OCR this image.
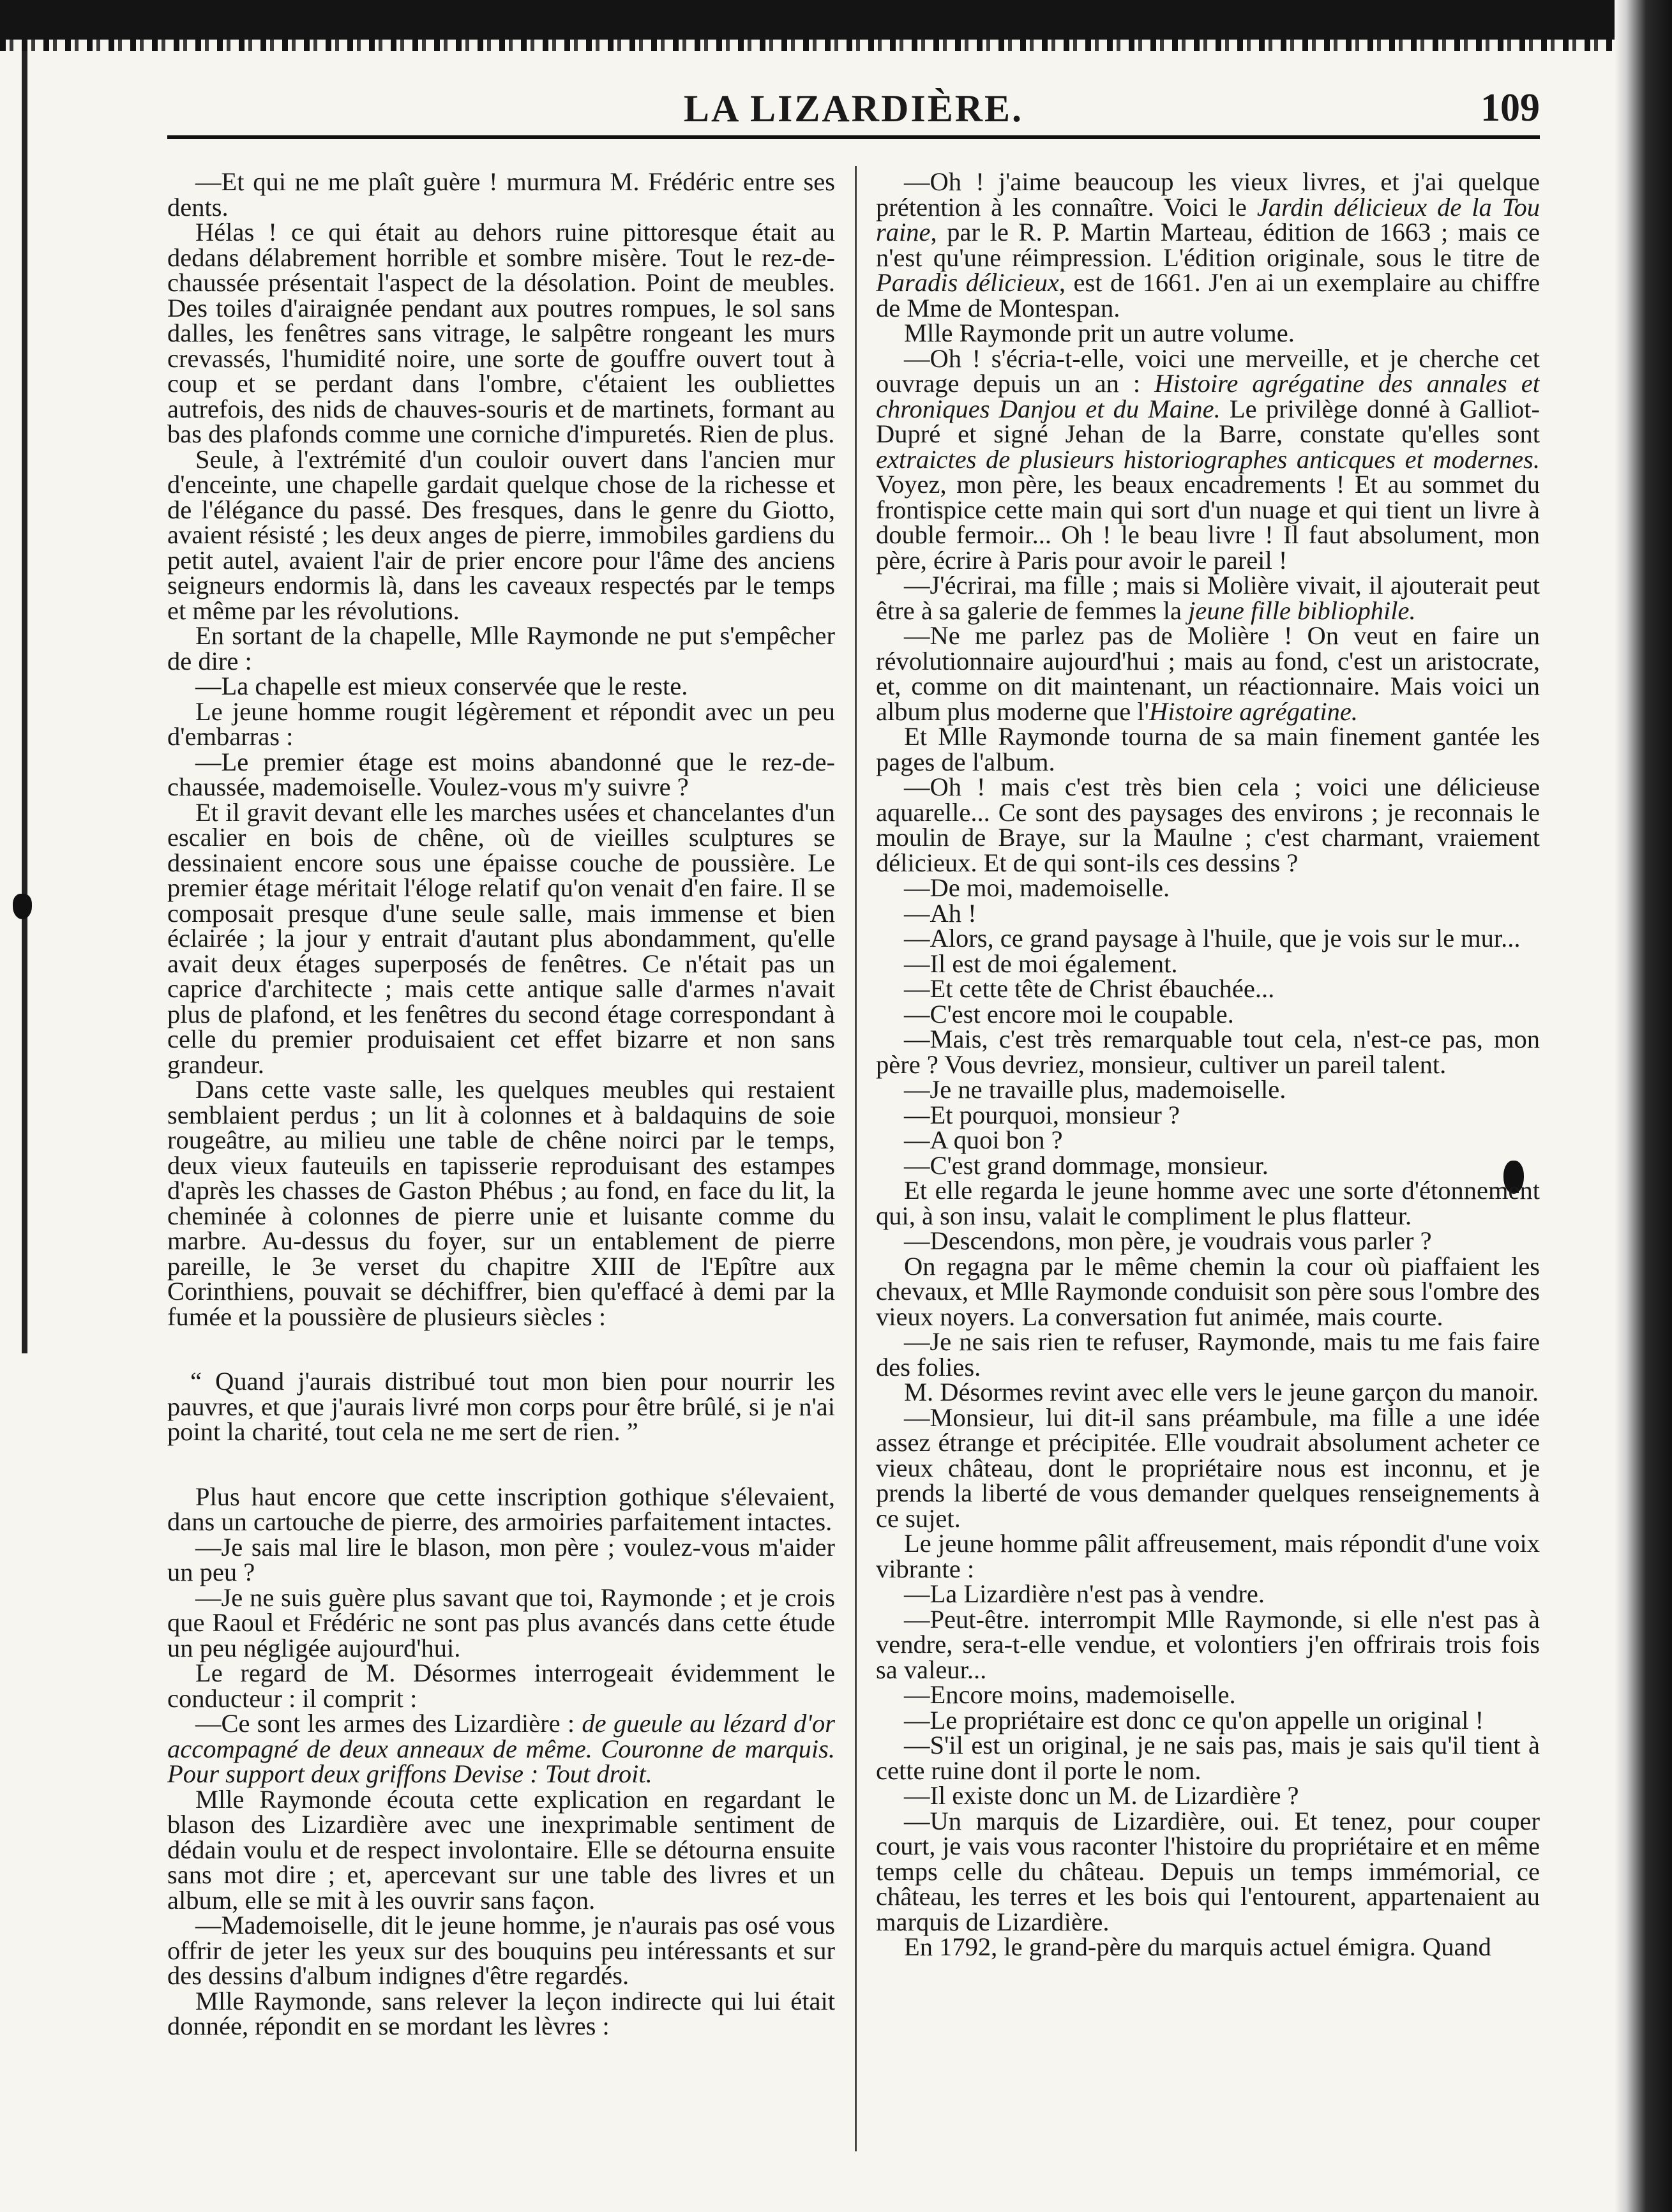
LA LIZARDIÈRE.	109

—Et qui ne me plaît guère ! murmura M. Frédéric entre ses dents.

Hélas ! ce qui était au dehors ruine pittoresque était au dedans délabrement horrible et sombre misère. Tout le rez-de-chaussée présentait l'aspect de la désolation. Point de meubles. Des toiles d'airaignée pendant aux poutres rompues, le sol sans dalles, les fenêtres sans vitrage, le salpêtre rongeant les murs crevassés, l'humidité noire, une sorte de gouffre ouvert tout à coup et se perdant dans l'ombre, c'étaient les oubliettes autrefois, des nids de chauves-souris et de martinets, formant au bas des plafonds comme une corniche d'impuretés. Rien de plus.

Seule, à l'extrémité d'un couloir ouvert dans l'ancien mur d'enceinte, une chapelle gardait quelque chose de la richesse et de l'élégance du passé. Des fresques, dans le genre du Giotto, avaient résisté ; les deux anges de pierre, immobiles gardiens du petit autel, avaient l'air de prier encore pour l'âme des anciens seigneurs endormis là, dans les caveaux respectés par le temps et même par les révolutions.

En sortant de la chapelle, Mlle Raymonde ne put s'empêcher de dire :

—La chapelle est mieux conservée que le reste.

Le jeune homme rougit légèrement et répondit avec un peu d'embarras :

—Le premier étage est moins abandonné que le rez-de-chaussée, mademoiselle. Voulez-vous m'y suivre ?

Et il gravit devant elle les marches usées et chancelantes d'un escalier en bois de chêne, où de vieilles sculptures se dessinaient encore sous une épaisse couche de poussière. Le premier étage méritait l'éloge relatif qu'on venait d'en faire. Il se composait presque d'une seule salle, mais immense et bien éclairée ; la jour y entrait d'autant plus abondamment, qu'elle avait deux étages superposés de fenêtres. Ce n'était pas un caprice d'architecte ; mais cette antique salle d'armes n'avait plus de plafond, et les fenêtres du second étage correspondant à celle du premier produisaient cet effet bizarre et non sans grandeur.

Dans cette vaste salle, les quelques meubles qui restaient semblaient perdus ; un lit à colonnes et à baldaquins de soie rougeâtre, au milieu une table de chêne noirci par le temps, deux vieux fauteuils en tapisserie reproduisant des estampes d'après les chasses de Gaston Phébus ; au fond, en face du lit, la cheminée à colonnes de pierre unie et luisante comme du marbre. Au-dessus du foyer, sur un entablement de pierre pareille, le 3e verset du chapitre XIII de l'Epître aux Corinthiens, pouvait se déchiffrer, bien qu'effacé à demi par la fumée et la poussière de plusieurs siècles :

“ Quand j'aurais distribué tout mon bien pour nourrir les pauvres, et que j'aurais livré mon corps pour être brûlé, si je n'ai point la charité, tout cela ne me sert de rien. ”

Plus haut encore que cette inscription gothique s'élevaient, dans un cartouche de pierre, des armoiries parfaitement intactes.

—Je sais mal lire le blason, mon père ; voulez-vous m'aider un peu ?

—Je ne suis guère plus savant que toi, Raymonde ; et je crois que Raoul et Frédéric ne sont pas plus avancés dans cette étude un peu négligée aujourd'hui.

Le regard de M. Désormes interrogeait évidemment le conducteur : il comprit :

—Ce sont les armes des Lizardière : de gueule au lézard d'or accompagné de deux anneaux de même. Couronne de marquis. Pour support deux griffons Devise : Tout droit.

Mlle Raymonde écouta cette explication en regardant le blason des Lizardière avec une inexprimable sentiment de dédain voulu et de respect involontaire. Elle se détourna ensuite sans mot dire ; et, apercevant sur une table des livres et un album, elle se mit à les ouvrir sans façon.

—Mademoiselle, dit le jeune homme, je n'aurais pas osé vous offrir de jeter les yeux sur des bouquins peu intéressants et sur des dessins d'album indignes d'être regardés.

Mlle Raymonde, sans relever la leçon indirecte qui lui était donnée, répondit en se mordant les lèvres :

—Oh ! j'aime beaucoup les vieux livres, et j'ai quelque prétention à les connaître. Voici le Jardin délicieux de la Tou raine, par le R. P. Martin Marteau, édition de 1663 ; mais ce n'est qu'une réimpression. L'édition originale, sous le titre de Paradis délicieux, est de 1661. J'en ai un exemplaire au chiffre de Mme de Montespan.

Mlle Raymonde prit un autre volume.

—Oh ! s'écria-t-elle, voici une merveille, et je cherche cet ouvrage depuis un an : Histoire agrégatine des annales et chroniques Danjou et du Maine. Le privilège donné à Galliot-Dupré et signé Jehan de la Barre, constate qu'elles sont extraictes de plusieurs historiographes anticques et modernes. Voyez, mon père, les beaux encadrements ! Et au sommet du frontispice cette main qui sort d'un nuage et qui tient un livre à double fermoir... Oh ! le beau livre ! Il faut absolument, mon père, écrire à Paris pour avoir le pareil !

—J'écrirai, ma fille ; mais si Molière vivait, il ajouterait peut être à sa galerie de femmes la jeune fille bibliophile.

—Ne me parlez pas de Molière ! On veut en faire un révolutionnaire aujourd'hui ; mais au fond, c'est un aristocrate, et, comme on dit maintenant, un réactionnaire. Mais voici un album plus moderne que l'Histoire agrégatine.

Et Mlle Raymonde tourna de sa main finement gantée les pages de l'album.

—Oh ! mais c'est très bien cela ; voici une délicieuse aquarelle... Ce sont des paysages des environs ; je reconnais le moulin de Braye, sur la Maulne ; c'est charmant, vraiement délicieux. Et de qui sont-ils ces dessins ?

—De moi, mademoiselle.

—Ah !

—Alors, ce grand paysage à l'huile, que je vois sur le mur...

—Il est de moi également.

—Et cette tête de Christ ébauchée...

—C'est encore moi le coupable.

—Mais, c'est très remarquable tout cela, n'est-ce pas, mon père ? Vous devriez, monsieur, cultiver un pareil talent.

—Je ne travaille plus, mademoiselle.

—Et pourquoi, monsieur ?

—A quoi bon ?

—C'est grand dommage, monsieur.

Et elle regarda le jeune homme avec une sorte d'étonnement qui, à son insu, valait le compliment le plus flatteur.

—Descendons, mon père, je voudrais vous parler ?

On regagna par le même chemin la cour où piaffaient les chevaux, et Mlle Raymonde conduisit son père sous l'ombre des vieux noyers. La conversation fut animée, mais courte.

—Je ne sais rien te refuser, Raymonde, mais tu me fais faire des folies.

M. Désormes revint avec elle vers le jeune garçon du manoir.

—Monsieur, lui dit-il sans préambule, ma fille a une idée assez étrange et précipitée. Elle voudrait absolument acheter ce vieux château, dont le propriétaire nous est inconnu, et je prends la liberté de vous demander quelques renseignements à ce sujet.

Le jeune homme pâlit affreusement, mais répondit d'une voix vibrante :

—La Lizardière n'est pas à vendre.

—Peut-être. interrompit Mlle Raymonde, si elle n'est pas à vendre, sera-t-elle vendue, et volontiers j'en offrirais trois fois sa valeur...

—Encore moins, mademoiselle.

—Le propriétaire est donc ce qu'on appelle un original !

—S'il est un original, je ne sais pas, mais je sais qu'il tient à cette ruine dont il porte le nom.

—Il existe donc un M. de Lizardière ?

—Un marquis de Lizardière, oui. Et tenez, pour couper court, je vais vous raconter l'histoire du propriétaire et en même temps celle du château. Depuis un temps immémorial, ce château, les terres et les bois qui l'entourent, appartenaient au marquis de Lizardière.

En 1792, le grand-père du marquis actuel émigra. Quand
